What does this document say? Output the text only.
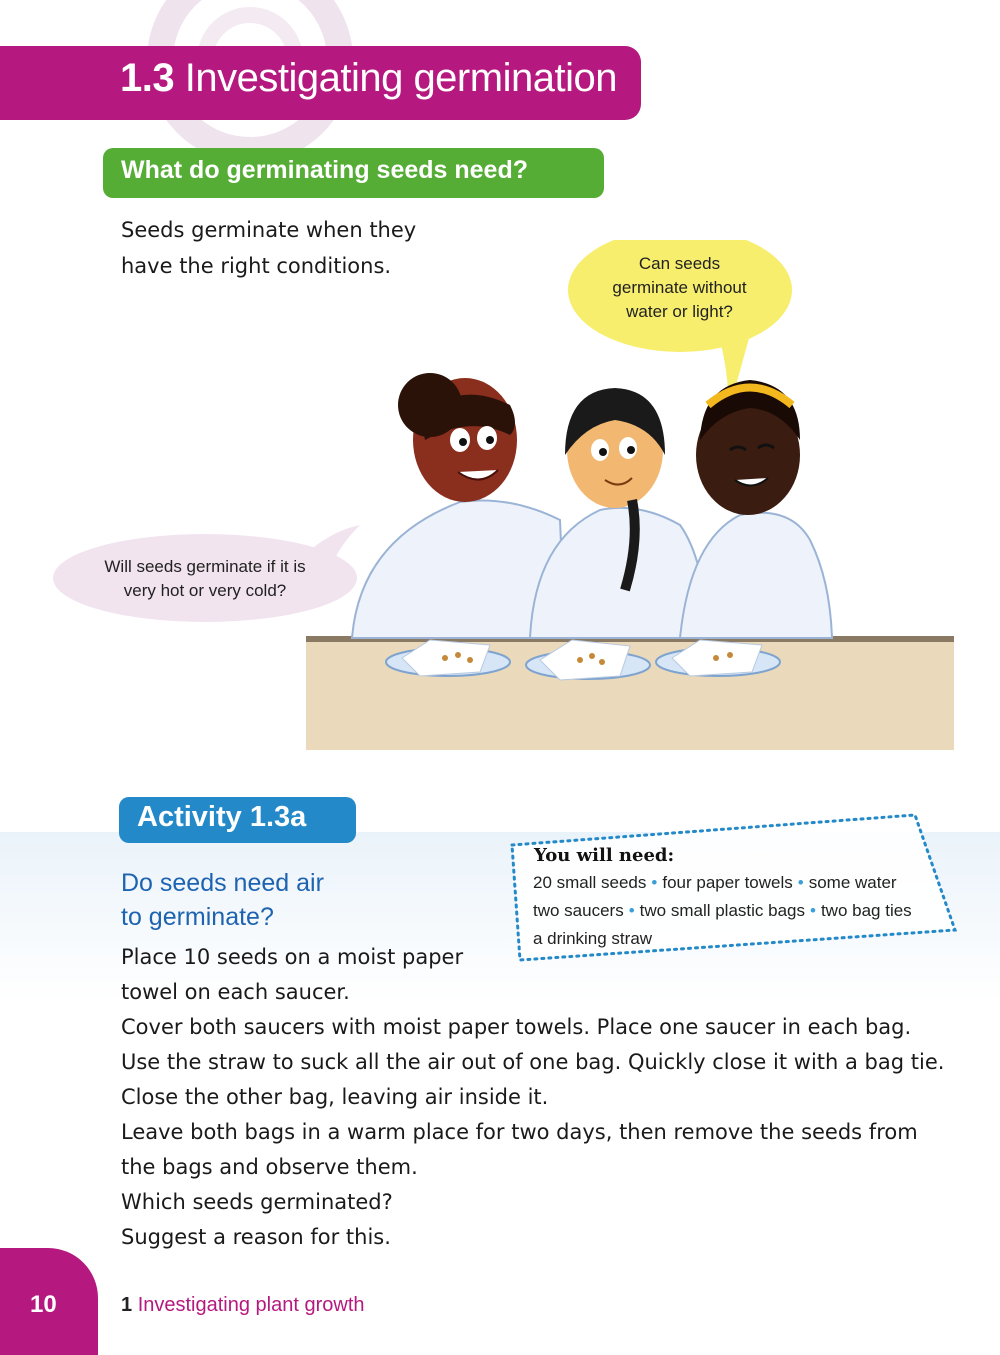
1.3 Investigating germination
What do germinating seeds need?
Seeds germinate when they
have the right conditions.	Can seeds
germinate without
water or light?
Will seeds germinate if it is
very hot or very cold?
Activity 1.3a
Do seeds need air
to germinate?
You will need:
20 small seeds • four paper towels • some water
two saucers • two small plastic bags • two bag ties
a drinking straw

Place 10 seeds on a moist paper

towel on each saucer.

Cover both saucers with moist paper towels. Place one saucer in each bag.

Use the straw to suck all the air out of one bag. Quickly close it with a bag tie.

Close the other bag, leaving air inside it.

Leave both bags in a warm place for two days, then remove the seeds from

the bags and observe them.

Which seeds germinated?

Suggest a reason for this.

10	1 Investigating plant growth
